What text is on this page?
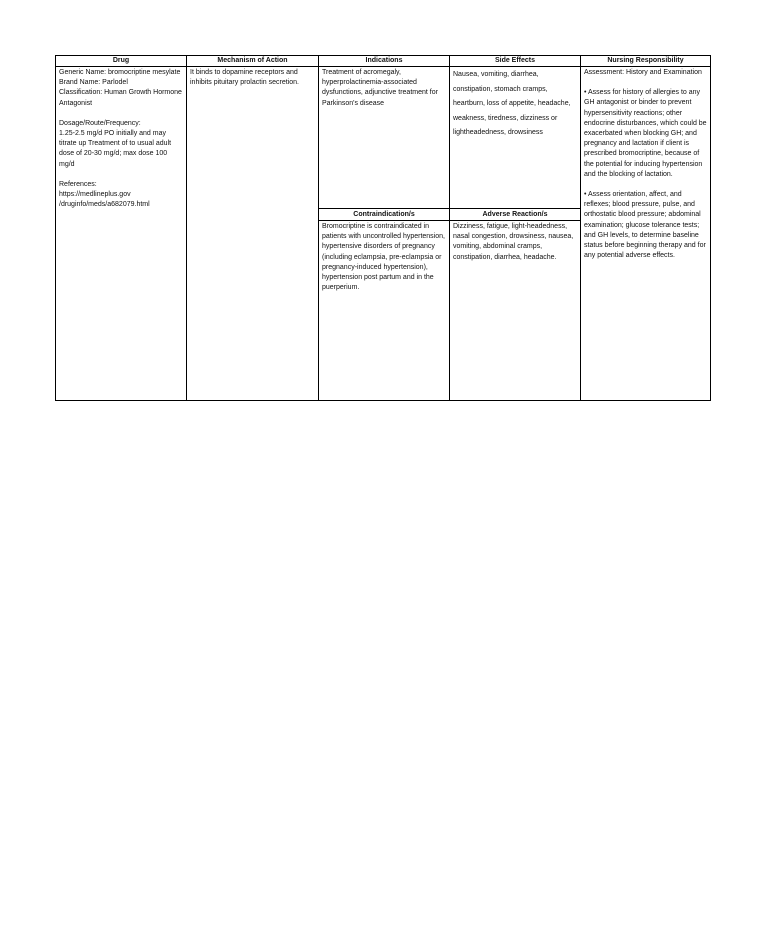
Drug

Generic Name: bromocriptine mesylate

Brand Name: Parlodel

Classification: Human Growth Hormone Antagonist

Dosage/Route/Frequency:

1.25-2.5 mg/d PO initially and may titrate up Treatment of to usual adult dose of 20-30 mg/d; max dose 100 mg/d

References:

https://medlineplus.gov

/druginfo/meds/a682079.html

Mechanism of Action
It binds to dopamine receptors and inhibits pituitary prolactin secretion.
Indications
Treatment of acromegaly, hyperprolactinemia-associated dysfunctions, adjunctive treatment for Parkinson's disease
Contraindication/s
Bromocriptine is contraindicated in patients with uncontrolled hypertension, hypertensive disorders of pregnancy (including eclampsia, pre-eclampsia or pregnancy-induced hypertension), hypertension post partum and in the puerperium.
Side Effects
Nausea, vomiting, diarrhea, constipation, stomach cramps, heartburn, loss of appetite, headache, weakness, tiredness, dizziness or lightheadedness, drowsiness
Adverse Reaction/s
Dizziness, fatigue, light-headedness, nasal congestion, drowsiness, nausea, vomiting, abdominal cramps, constipation, diarrhea, headache.
Nursing Responsibility

Assessment: History and Examination

• Assess for history of allergies to any GH antagonist or binder to prevent hypersensitivity reactions; other endocrine disturbances, which could be exacerbated when blocking GH; and pregnancy and lactation if client is prescribed bromocriptine, because of the potential for inducing hypertension and the blocking of lactation.

• Assess orientation, affect, and reflexes; blood pressure, pulse, and orthostatic blood pressure; abdominal examination; glucose tolerance tests; and GH levels, to determine baseline status before beginning therapy and for any potential adverse effects.
